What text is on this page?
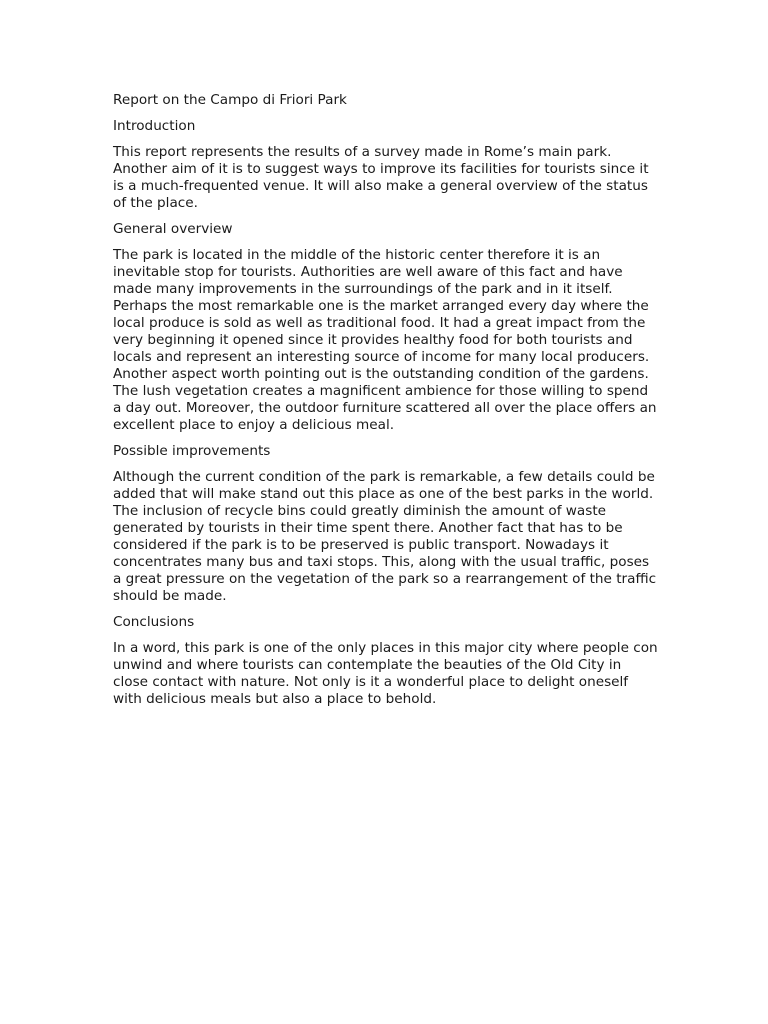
Report on the Campo di Friori Park
Introduction
This report represents the results of a survey made in Rome’s main park. Another aim of it is to suggest ways to improve its facilities for tourists since it is a much-frequented venue. It will also make a general overview of the status of the place.
General overview
The park is located in the middle of the historic center therefore it is an inevitable stop for tourists. Authorities are well aware of this fact and have made many improvements in the surroundings of the park and in it itself. Perhaps the most remarkable one is the market arranged every day where the local produce is sold as well as traditional food. It had a great impact from the very beginning it opened since it provides healthy food for both tourists and locals and represent an interesting source of income for many local producers. Another aspect worth pointing out is the outstanding condition of the gardens. The lush vegetation creates a magnificent ambience for those willing to spend a day out. Moreover, the outdoor furniture scattered all over the place offers an excellent place to enjoy a delicious meal.
Possible improvements
Although the current condition of the park is remarkable, a few details could be added that will make stand out this place as one of the best parks in the world. The inclusion of recycle bins could greatly diminish the amount of waste generated by tourists in their time spent there. Another fact that has to be considered if the park is to be preserved is public transport. Nowadays it concentrates many bus and taxi stops. This, along with the usual traffic, poses a great pressure on the vegetation of the park so a rearrangement of the traffic should be made.
Conclusions
In a word, this park is one of the only places in this major city where people con unwind and where tourists can contemplate the beauties of the Old City in close contact with nature. Not only is it a wonderful place to delight oneself with delicious meals but also a place to behold.
